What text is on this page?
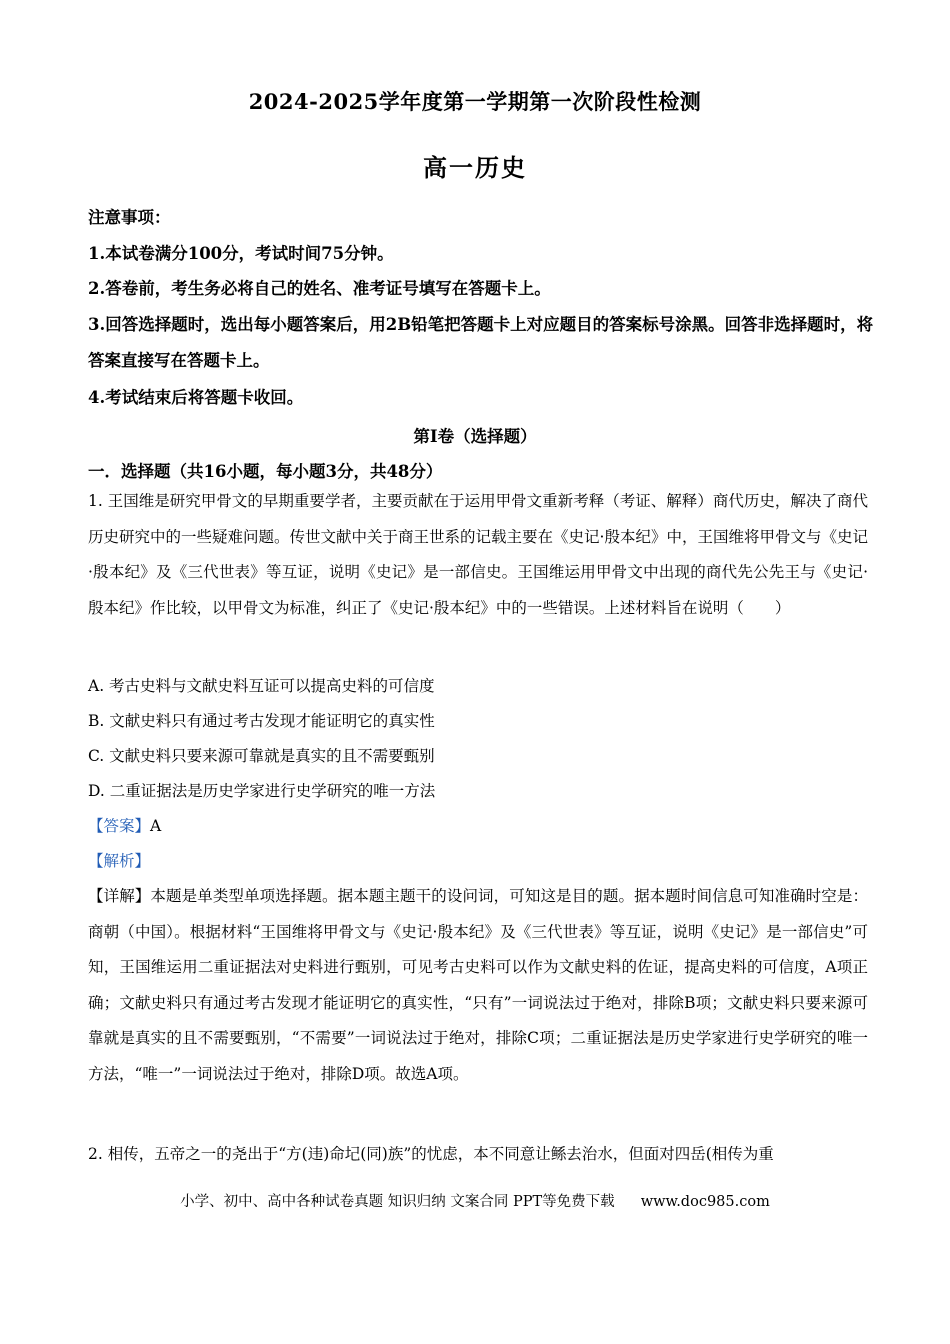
2024-2025学年度第一学期第一次阶段性检测
高一历史
注意事项：
1.本试卷满分100分，考试时间75分钟。
2.答卷前，考生务必将自己的姓名、准考证号填写在答题卡上。
3.回答选择题时，选出每小题答案后，用2B铅笔把答题卡上对应题目的答案标号涂黑。回答非选择题时，将答案直接写在答题卡上。
4.考试结束后将答题卡收回。
第Ⅰ卷（选择题）
一．选择题（共16小题，每小题3分，共48分）
1. 王国维是研究甲骨文的早期重要学者，主要贡献在于运用甲骨文重新考释（考证、解释）商代历史，解决了商代历史研究中的一些疑难问题。传世文献中关于商王世系的记载主要在《史记·殷本纪》中，王国维将甲骨文与《史记·殷本纪》及《三代世表》等互证，说明《史记》是一部信史。王国维运用甲骨文中出现的商代先公先王与《史记·殷本纪》作比较，以甲骨文为标准，纠正了《史记·殷本纪》中的一些错误。上述材料旨在说明（　　）
A. 考古史料与文献史料互证可以提高史料的可信度
B. 文献史料只有通过考古发现才能证明它的真实性
C. 文献史料只要来源可靠就是真实的且不需要甄别
D. 二重证据法是历史学家进行史学研究的唯一方法
【答案】A
【解析】
【详解】本题是单类型单项选择题。据本题主题干的设问词，可知这是目的题。据本题时间信息可知准确时空是：商朝（中国）。根据材料“王国维将甲骨文与《史记·殷本纪》及《三代世表》等互证，说明《史记》是一部信史”可知，王国维运用二重证据法对史料进行甄别，可见考古史料可以作为文献史料的佐证，提高史料的可信度，A项正确；文献史料只有通过考古发现才能证明它的真实性，“只有”一词说法过于绝对，排除B项；文献史料只要来源可靠就是真实的且不需要甄别，“不需要”一词说法过于绝对，排除C项；二重证据法是历史学家进行史学研究的唯一方法，“唯一”一词说法过于绝对，排除D项。故选A项。
2. 相传，五帝之一的尧出于“方(违)命圮(同)族”的忧虑，本不同意让鲧去治水，但面对四岳(相传为重
小学、初中、高中各种试卷真题 知识归纳 文案合同 PPT等免费下载 www.doc985.com
